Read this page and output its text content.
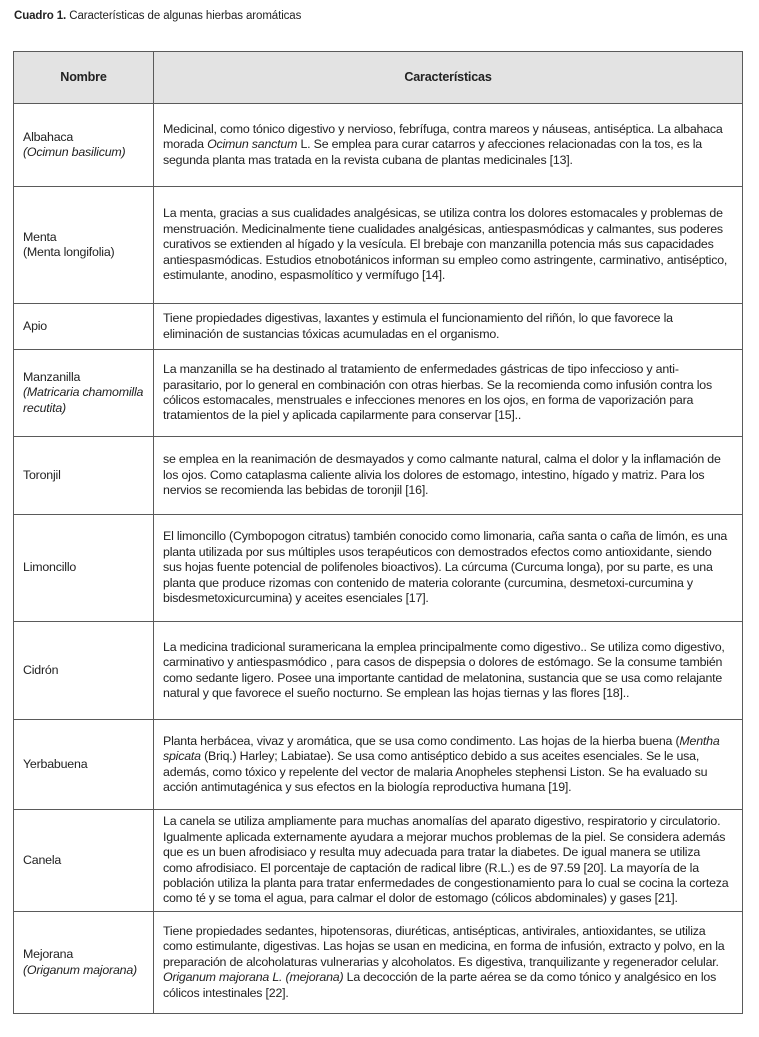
Cuadro 1. Características de algunas hierbas aromáticas
Nombre	Características

Albahaca
(Ocimun basilicum)	Medicinal, como tónico digestivo y nervioso, febrífuga, contra mareos y náuseas, antiséptica. La albahaca morada Ocimun sanctum L. Se emplea para curar catarros y afecciones relacionadas con la tos, es la segunda planta mas tratada en la revista cubana de plantas medicinales [13].

Menta
(Menta longifolia)	La menta, gracias a sus cualidades analgésicas, se utiliza contra los dolores estomacales y problemas de menstruación. Medicinalmente tiene cualidades analgésicas, antiespasmódicas y calmantes, sus poderes curativos se extienden al hígado y la vesícula. El brebaje con manzanilla potencia más sus capacidades antiespasmódicas. Estudios etnobotánicos informan su empleo como astringente, carminativo, antiséptico, estimulante, anodino, espasmolítico y vermífugo [14].

Apio	Tiene propiedades digestivas, laxantes y estimula el funcionamiento del riñón, lo que favorece la eliminación de sustancias tóxicas acumuladas en el organismo.

Manzanilla
(Matricaria chamomilla recutita)	La manzanilla se ha destinado al tratamiento de enfermedades gástricas de tipo infeccioso y anti-parasitario, por lo general en combinación con otras hierbas. Se la recomienda como infusión contra los cólicos estomacales, menstruales e infecciones menores en los ojos, en forma de vaporización para tratamientos de la piel y aplicada capilarmente para conservar [15]..

Toronjil	se emplea en la reanimación de desmayados y como calmante natural, calma el dolor y la inflamación de los ojos. Como cataplasma caliente alivia los dolores de estomago, intestino, hígado y matriz. Para los nervios se recomienda las bebidas de toronjil [16].

Limoncillo	El limoncillo (Cymbopogon citratus) también conocido como limonaria, caña santa o caña de limón, es una planta utilizada por sus múltiples usos terapéuticos con demostrados efectos como antioxidante, siendo sus hojas fuente potencial de polifenoles bioactivos). La cúrcuma (Curcuma longa), por su parte, es una planta que produce rizomas con contenido de materia colorante (curcumina, desmetoxi-curcumina y bisdesmetoxicurcumina) y aceites esenciales [17].

Cidrón	La medicina tradicional suramericana la emplea principalmente como digestivo.. Se utiliza como digestivo, carminativo y antiespasmódico , para casos de dispepsia o dolores de estómago. Se la consume también como sedante ligero. Posee una importante cantidad de melatonina, sustancia que se usa como relajante natural y que favorece el sueño nocturno. Se emplean las hojas tiernas y las flores [18]..

Yerbabuena	Planta herbácea, vivaz y aromática, que se usa como condimento. Las hojas de la hierba buena (Mentha spicata (Briq.) Harley; Labiatae). Se usa como antiséptico debido a sus aceites esenciales. Se le usa, además, como tóxico y repelente del vector de malaria Anopheles stephensi Liston. Se ha evaluado su acción antimutagénica y sus efectos en la biología reproductiva humana [19].

Canela	La canela se utiliza ampliamente para muchas anomalías del aparato digestivo, respiratorio y circulatorio. Igualmente aplicada externamente ayudara a mejorar muchos problemas de la piel. Se considera además que es un buen afrodisiaco y resulta muy adecuada para tratar la diabetes. De igual manera se utiliza como afrodisiaco. El porcentaje de captación de radical libre (R.L.) es de 97.59 [20]. La mayoría de la población utiliza la planta para tratar enfermedades de congestionamiento para lo cual se cocina la corteza como té y se toma el agua, para calmar el dolor de estomago (cólicos abdominales) y gases [21].

Mejorana
(Origanum majorana)	Tiene propiedades sedantes, hipotensoras, diuréticas, antisépticas, antivirales, antioxidantes, se utiliza como estimulante, digestivas. Las hojas se usan en medicina, en forma de infusión, extracto y polvo, en la preparación de alcoholaturas vulnerarias y alcoholatos. Es digestiva, tranquilizante y regenerador celular. Origanum majorana L. (mejorana) La decocción de la parte aérea se da como tónico y analgésico en los cólicos intestinales [22].
